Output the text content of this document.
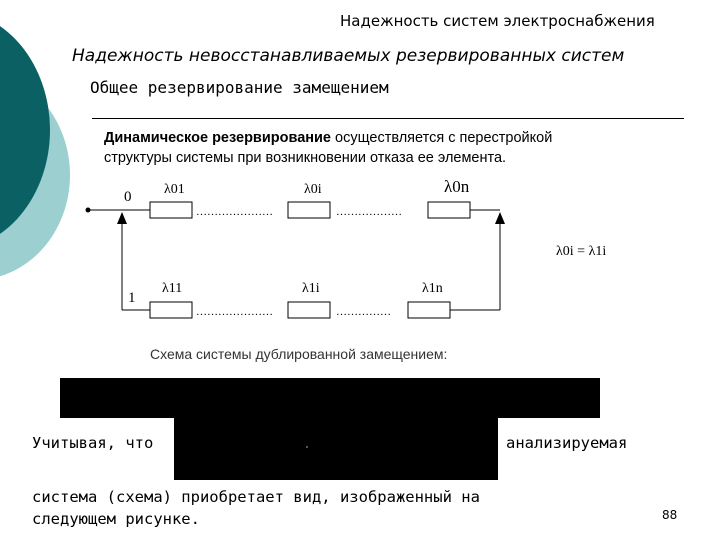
Надежность систем электроснабжения
Надежность невосстанавливаемых резервированных систем
Общее резервирование замещением
Динамическое резервирование осуществляется с перестройкой
структуры системы при возникновении отказа ее элемента.
…………………	………………
…………………	……………
0
1
λ01	λ0i	λ0n
λ11	λ1i	λ1n
λ0i = λ1i
Схема системы дублированной замещением:
Учитывая, что	анализируемая
система (схема) приобретает вид, изображенный на
следующем рисунке.	88
